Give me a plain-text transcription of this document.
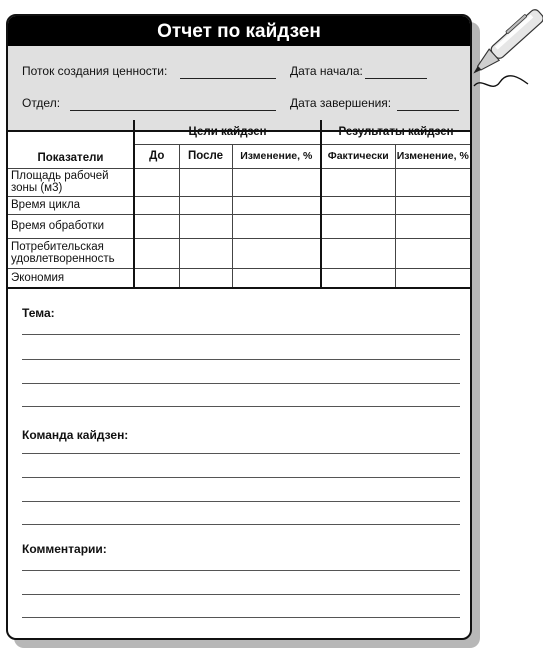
Отчет по кайдзен
Поток создания ценности:	Дата начала:
Отдел:	Дата завершения:
Показатели	Цели кайдзен			Результаты кайдзен	
	До	После	Изменение, %	Фактически	Изменение, %
Площадь рабочей зоны (м3)					
Время цикла					
Время обработки					
Потребительская удовлетворенность					
Экономия					
Тема:
Команда кайдзен:
Комментарии:
